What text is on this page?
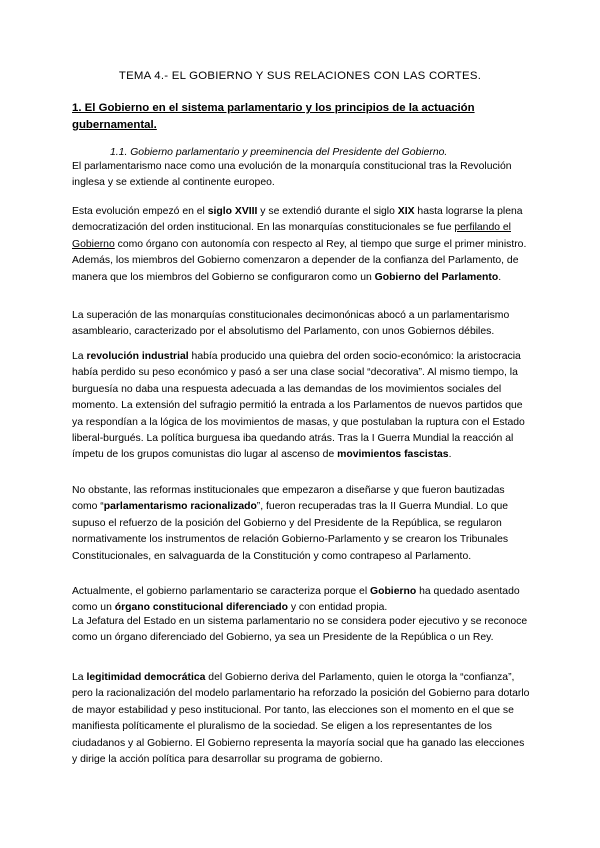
TEMA 4.- EL GOBIERNO Y SUS RELACIONES CON LAS CORTES.
1. El Gobierno en el sistema parlamentario y los principios de la actuación gubernamental.
1.1. Gobierno parlamentario y preeminencia del Presidente del Gobierno.

El parlamentarismo nace como una evolución de la monarquía constitucional tras la Revolución inglesa y se extiende al continente europeo.

Esta evolución empezó en el siglo XVIII y se extendió durante el siglo XIX hasta lograrse la plena democratización del orden institucional. En las monarquías constitucionales se fue perfilando el Gobierno como órgano con autonomía con respecto al Rey, al tiempo que surge el primer ministro. Además, los miembros del Gobierno comenzaron a depender de la confianza del Parlamento, de manera que los miembros del Gobierno se configuraron como un Gobierno del Parlamento.

La superación de las monarquías constitucionales decimonónicas abocó a un parlamentarismo asambleario, caracterizado por el absolutismo del Parlamento, con unos Gobiernos débiles.

La revolución industrial había producido una quiebra del orden socio-económico: la aristocracia había perdido su peso económico y pasó a ser una clase social “decorativa”. Al mismo tiempo, la burguesía no daba una respuesta adecuada a las demandas de los movimientos sociales del momento. La extensión del sufragio permitió la entrada a los Parlamentos de nuevos partidos que ya respondían a la lógica de los movimientos de masas, y que postulaban la ruptura con el Estado liberal-burgués. La política burguesa iba quedando atrás. Tras la I Guerra Mundial la reacción al ímpetu de los grupos comunistas dio lugar al ascenso de movimientos fascistas.

No obstante, las reformas institucionales que empezaron a diseñarse y que fueron bautizadas como “parlamentarismo racionalizado”, fueron recuperadas tras la II Guerra Mundial. Lo que supuso el refuerzo de la posición del Gobierno y del Presidente de la República, se regularon normativamente los instrumentos de relación Gobierno-Parlamento y se crearon los Tribunales Constitucionales, en salvaguarda de la Constitución y como contrapeso al Parlamento.

Actualmente, el gobierno parlamentario se caracteriza porque el Gobierno ha quedado asentado como un órgano constitucional diferenciado y con entidad propia.

La Jefatura del Estado en un sistema parlamentario no se considera poder ejecutivo y se reconoce como un órgano diferenciado del Gobierno, ya sea un Presidente de la República o un Rey.

La legitimidad democrática del Gobierno deriva del Parlamento, quien le otorga la “confianza”, pero la racionalización del modelo parlamentario ha reforzado la posición del Gobierno para dotarlo de mayor estabilidad y peso institucional. Por tanto, las elecciones son el momento en el que se manifiesta políticamente el pluralismo de la sociedad. Se eligen a los representantes de los ciudadanos y al Gobierno. El Gobierno representa la mayoría social que ha ganado las elecciones y dirige la acción política para desarrollar su programa de gobierno.
